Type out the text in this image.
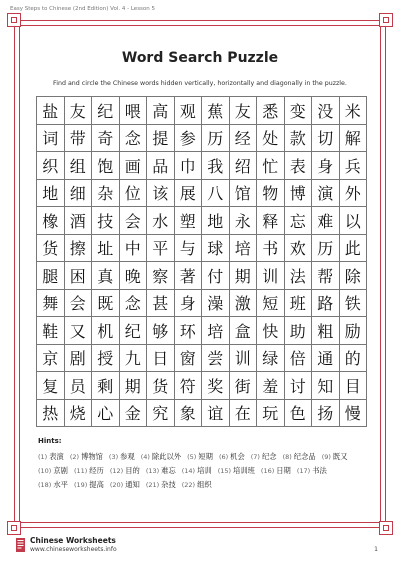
Easy Steps to Chinese (2nd Edition) Vol. 4 - Lesson 5
Word Search Puzzle
Find and circle the Chinese words hidden vertically, horizontally and diagonally in the puzzle.
盐 友 纪 喂 高 观 蕉 友 悉 变 没 米
词 带 奇 念 提 参 历 经 处 款 切 解
织 组 饱 画 品 巾 我 绍 忙 表 身 兵
地 细 杂 位 该 展 八 馆 物 博 演 外
橡 酒 技 会 水 塑 地 永 释 忘 难 以
货 擦 址 中 平 与 球 培 书 欢 历 此
腿 困 真 晚 察 著 付 期 训 法 帮 除
舞 会 既 念 甚 身 澡 激 短 班 路 铁
鞋 又 机 纪 够 环 培 盒 快 助 粗 励
京 剧 授 九 日 窗 尝 训 绿 倍 通 的
复 员 剩 期 货 符 奖 街 羞 讨 知 目
热 烧 心 金 究 象 谊 在 玩 色 扬 慢
Hints:
(1) 表演 (2) 博物馆 (3) 参观 (4) 除此以外 (5) 短期 (6) 机会 (7) 纪念 (8) 纪念品 (9) 既又(10) 京剧 (11) 经历 (12) 目的 (13) 难忘 (14) 培训 (15) 培训班 (16) 日期 (17) 书法(18) 水平 (19) 提高 (20) 通知 (21) 杂技 (22) 组织
Chinese Worksheets
www.chineseworksheets.info	1
